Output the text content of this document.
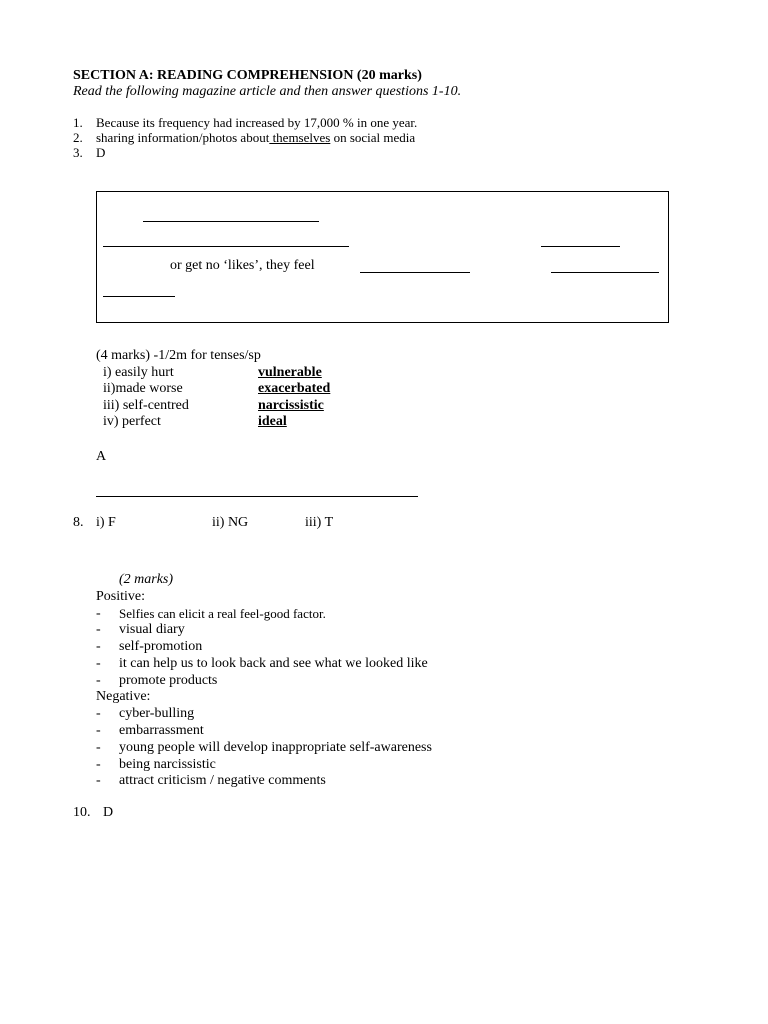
SECTION A: READING COMPREHENSION (20 marks)
Read the following magazine article and then answer questions 1-10.
1. Because its frequency had increased by 17,000 % in one year.
2. sharing information/photos about themselves on social media
3. D
or get no ‘likes’, they feel
(4 marks) -1/2m for tenses/sp
i) easily hurt	vulnerable
ii)made worse	exacerbated
iii) self-centred	narcissistic
iv) perfect	ideal
A
8. i) F	ii) NG	iii) T
(2 marks)
Positive:
- Selfies can elicit a real feel-good factor.
- visual diary
- self-promotion
- it can help us to look back and see what we looked like
- promote products
Negative:
- cyber-bulling
- embarrassment
- young people will develop inappropriate self-awareness
- being narcissistic
- attract criticism / negative comments
10. D
